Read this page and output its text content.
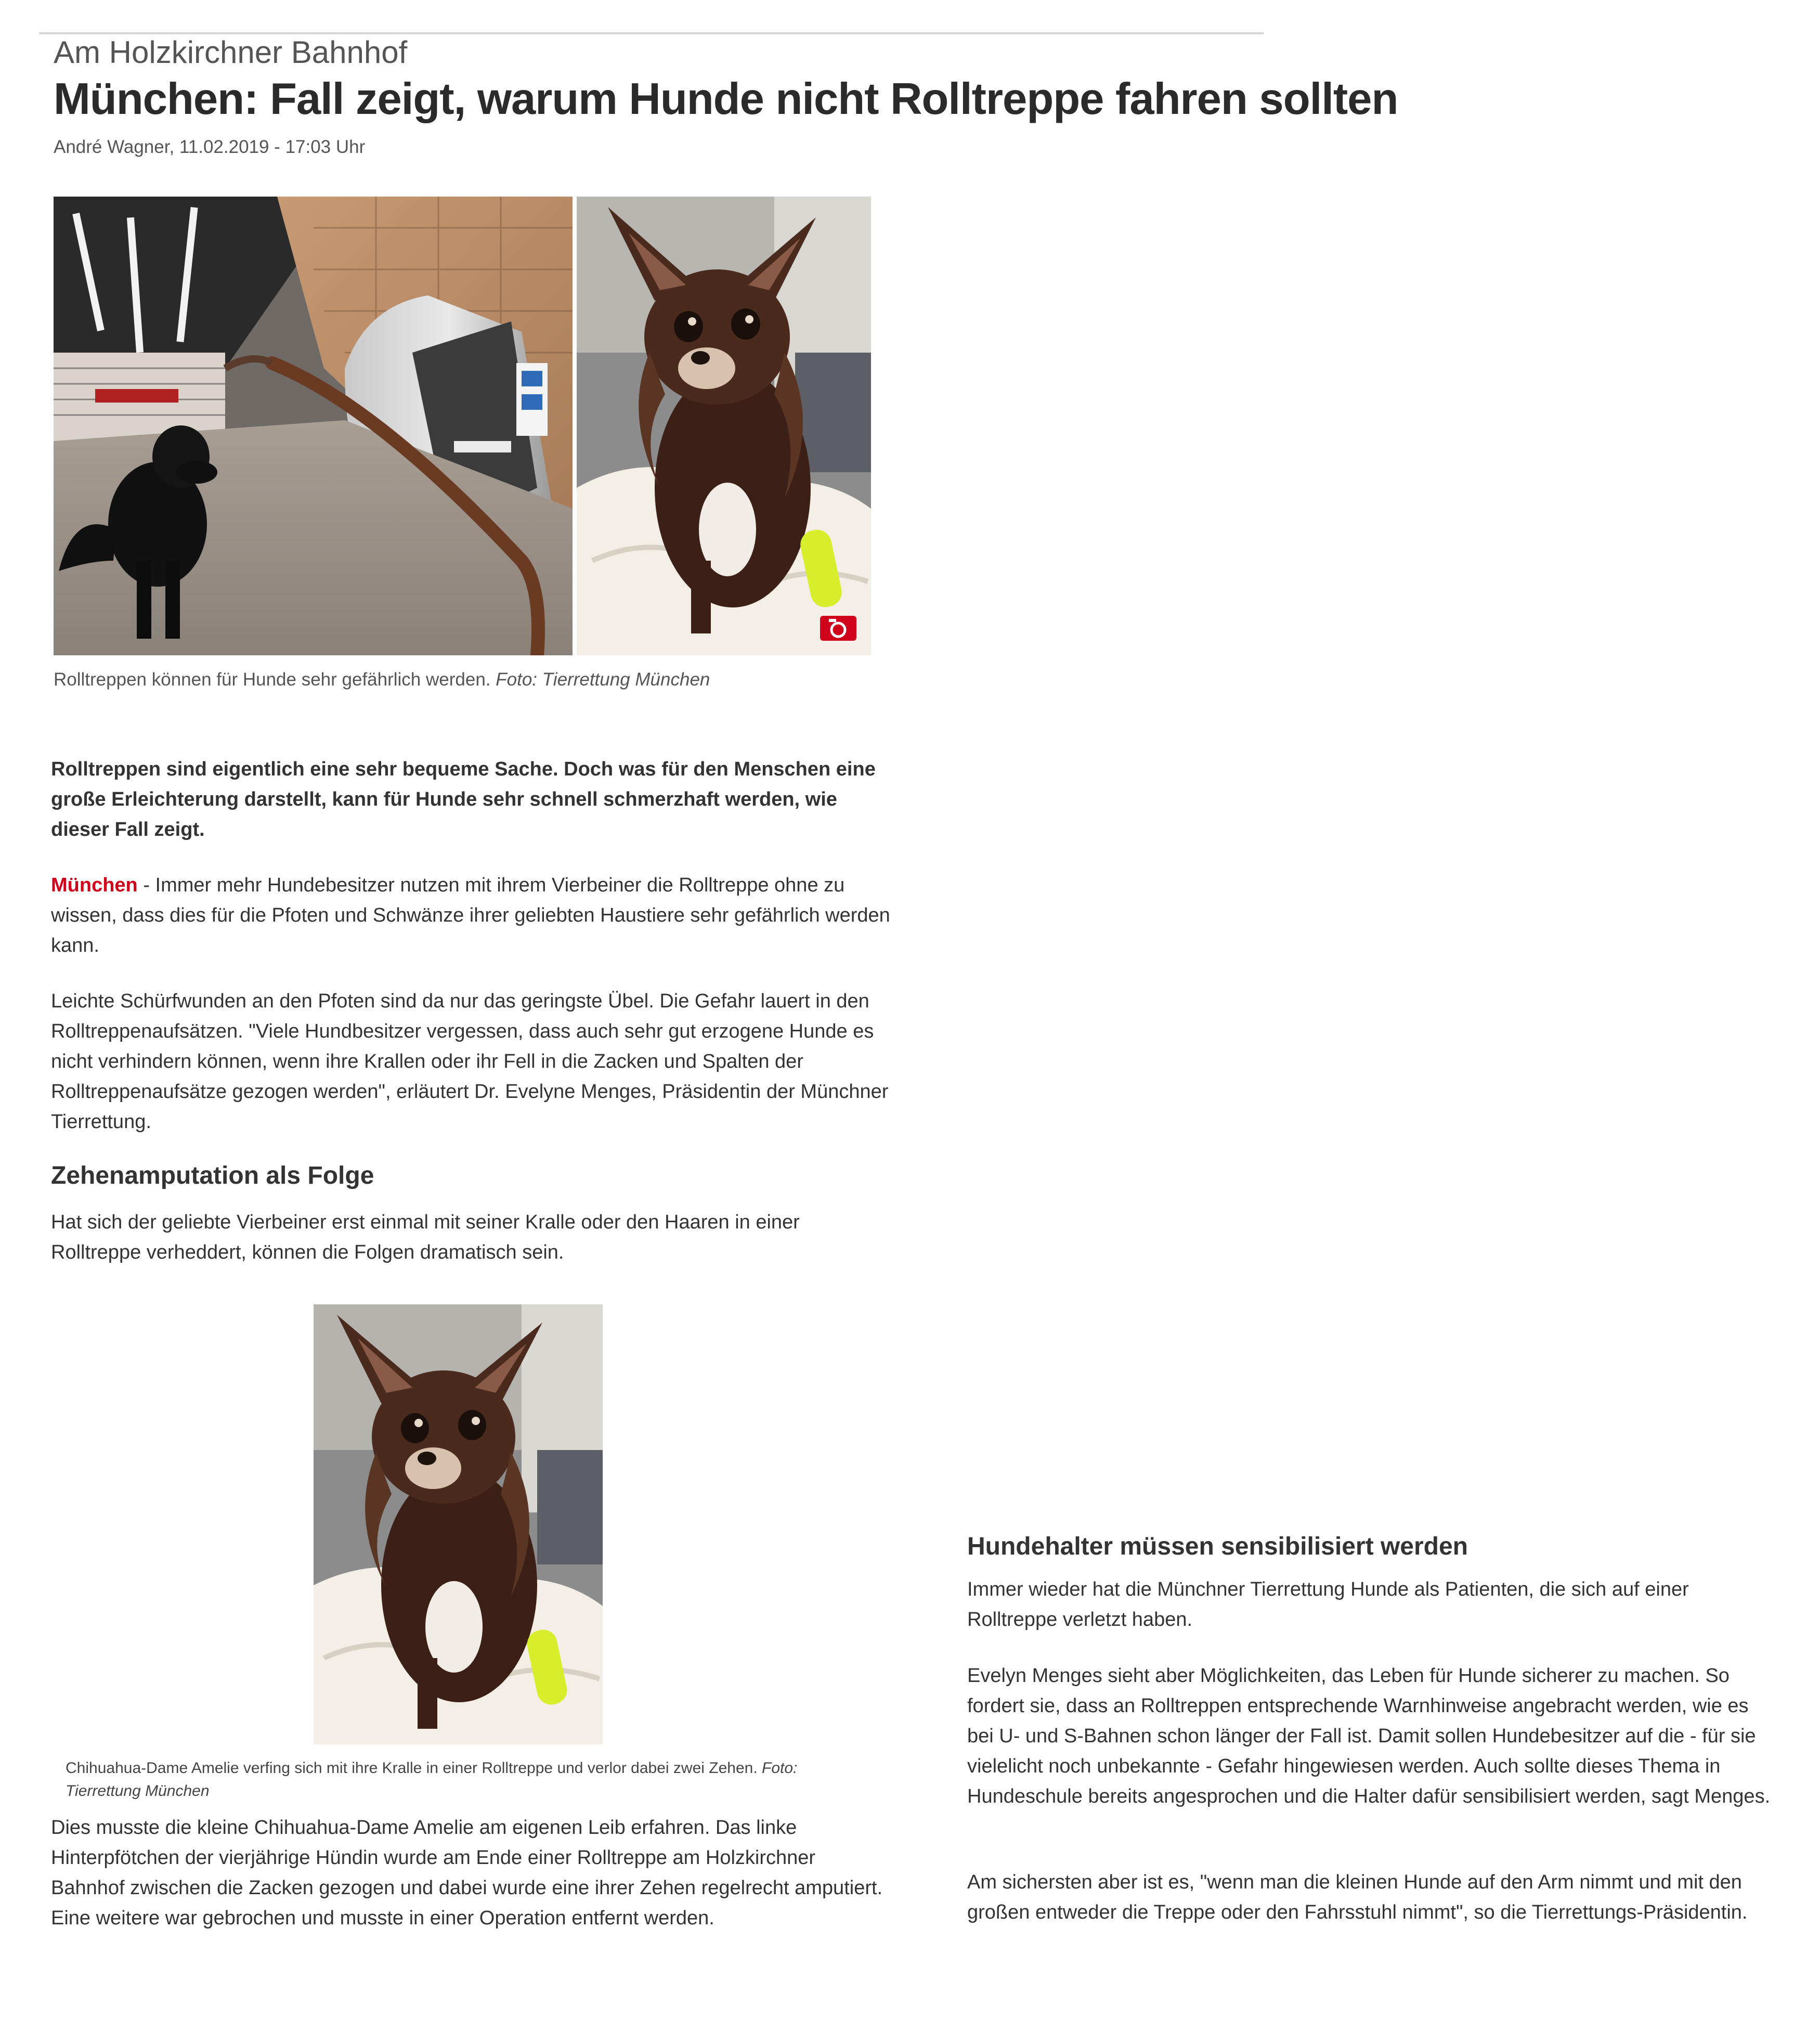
Am Holzkirchner Bahnhof
München: Fall zeigt, warum Hunde nicht Rolltreppe fahren sollten
André Wagner, 11.02.2019 - 17:03 Uhr
Rolltreppen können für Hunde sehr gefährlich werden. Foto: Tierrettung München

Rolltreppen sind eigentlich eine sehr bequeme Sache. Doch was für den Menschen eine große Erleichterung darstellt, kann für Hunde sehr schnell schmerzhaft werden, wie dieser Fall zeigt.

München - Immer mehr Hundebesitzer nutzen mit ihrem Vierbeiner die Rolltreppe ohne zu wissen, dass dies für die Pfoten und Schwänze ihrer geliebten Haustiere sehr gefährlich werden kann.

Leichte Schürfwunden an den Pfoten sind da nur das geringste Übel. Die Gefahr lauert in den Rolltreppenaufsätzen. "Viele Hundbesitzer vergessen, dass auch sehr gut erzogene Hunde es nicht verhindern können, wenn ihre Krallen oder ihr Fell in die Zacken und Spalten der Rolltreppenaufsätze gezogen werden", erläutert Dr. Evelyne Menges, Präsidentin der Münchner Tierrettung.

Zehenamputation als Folge

Hat sich der geliebte Vierbeiner erst einmal mit seiner Kralle oder den Haaren in einer Rolltreppe verheddert, können die Folgen dramatisch sein.

Chihuahua-Dame Amelie verfing sich mit ihre Kralle in einer Rolltreppe und verlor dabei zwei Zehen. Foto: Tierrettung München

Dies musste die kleine Chihuahua-Dame Amelie am eigenen Leib erfahren. Das linke Hinterpfötchen der vierjährige Hündin wurde am Ende einer Rolltreppe am Holzkirchner Bahnhof zwischen die Zacken gezogen und dabei wurde eine ihrer Zehen regelrecht amputiert. Eine weitere war gebrochen und musste in einer Operation entfernt werden.

Hundehalter müssen sensibilisiert werden

Immer wieder hat die Münchner Tierrettung Hunde als Patienten, die sich auf einer Rolltreppe verletzt haben.

Evelyn Menges sieht aber Möglichkeiten, das Leben für Hunde sicherer zu machen. So fordert sie, dass an Rolltreppen entsprechende Warnhinweise angebracht werden, wie es bei U- und S-Bahnen schon länger der Fall ist. Damit sollen Hundebesitzer auf die - für sie vielelicht noch unbekannte - Gefahr hingewiesen werden. Auch sollte dieses Thema in Hundeschule bereits angesprochen und die Halter dafür sensibilisiert werden, sagt Menges.

Am sichersten aber ist es, "wenn man die kleinen Hunde auf den Arm nimmt und mit den großen entweder die Treppe oder den Fahrsstuhl nimmt", so die Tierrettungs-Präsidentin.
